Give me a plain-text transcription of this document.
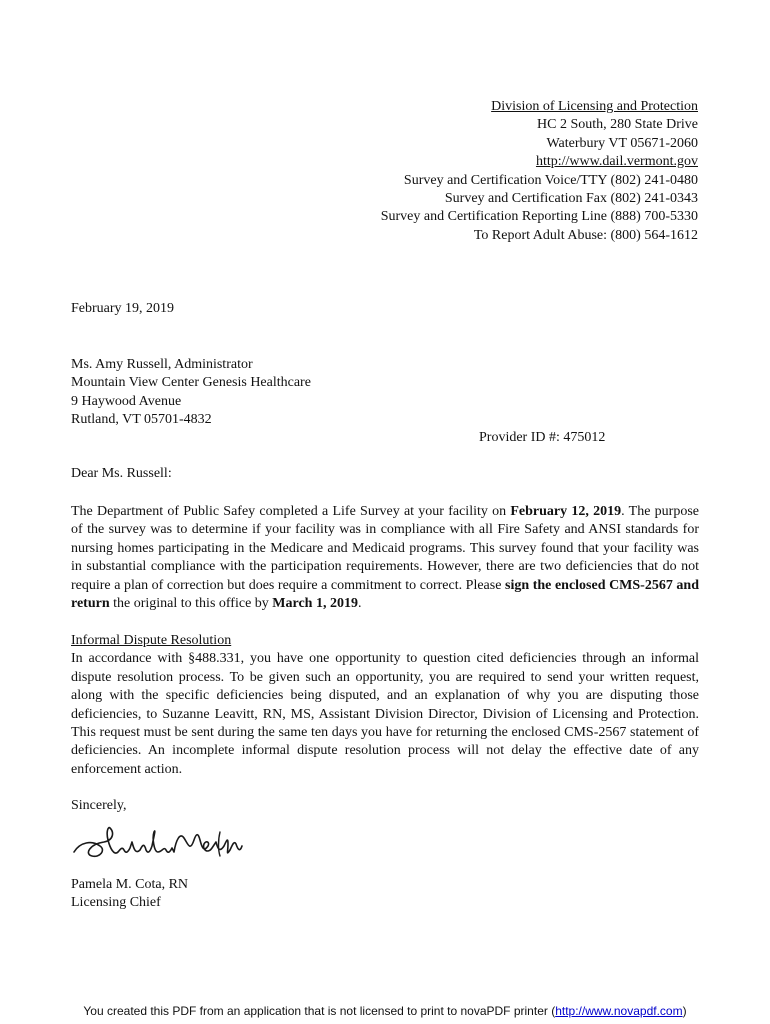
Division of Licensing and Protection
HC 2 South, 280 State Drive
Waterbury VT 05671-2060
http://www.dail.vermont.gov
Survey and Certification Voice/TTY (802) 241-0480
Survey and Certification Fax (802) 241-0343
Survey and Certification Reporting Line (888) 700-5330
To Report Adult Abuse: (800) 564-1612
February 19, 2019
Ms. Amy Russell, Administrator
Mountain View Center Genesis Healthcare
9 Haywood Avenue
Rutland, VT 05701-4832
Provider ID #: 475012
Dear Ms. Russell:
The Department of Public Safey completed a Life Survey at your facility on February 12, 2019. The purpose of the survey was to determine if your facility was in compliance with all Fire Safety and ANSI standards for nursing homes participating in the Medicare and Medicaid programs. This survey found that your facility was in substantial compliance with the participation requirements. However, there are two deficiencies that do not require a plan of correction but does require a commitment to correct. Please sign the enclosed CMS-2567 and return the original to this office by March 1, 2019.
Informal Dispute Resolution
In accordance with §488.331, you have one opportunity to question cited deficiencies through an informal dispute resolution process. To be given such an opportunity, you are required to send your written request, along with the specific deficiencies being disputed, and an explanation of why you are disputing those deficiencies, to Suzanne Leavitt, RN, MS, Assistant Division Director, Division of Licensing and Protection. This request must be sent during the same ten days you have for returning the enclosed CMS-2567 statement of deficiencies. An incomplete informal dispute resolution process will not delay the effective date of any enforcement action.
Sincerely,
Pamela M. Cota, RN
Licensing Chief
You created this PDF from an application that is not licensed to print to novaPDF printer (http://www.novapdf.com)
